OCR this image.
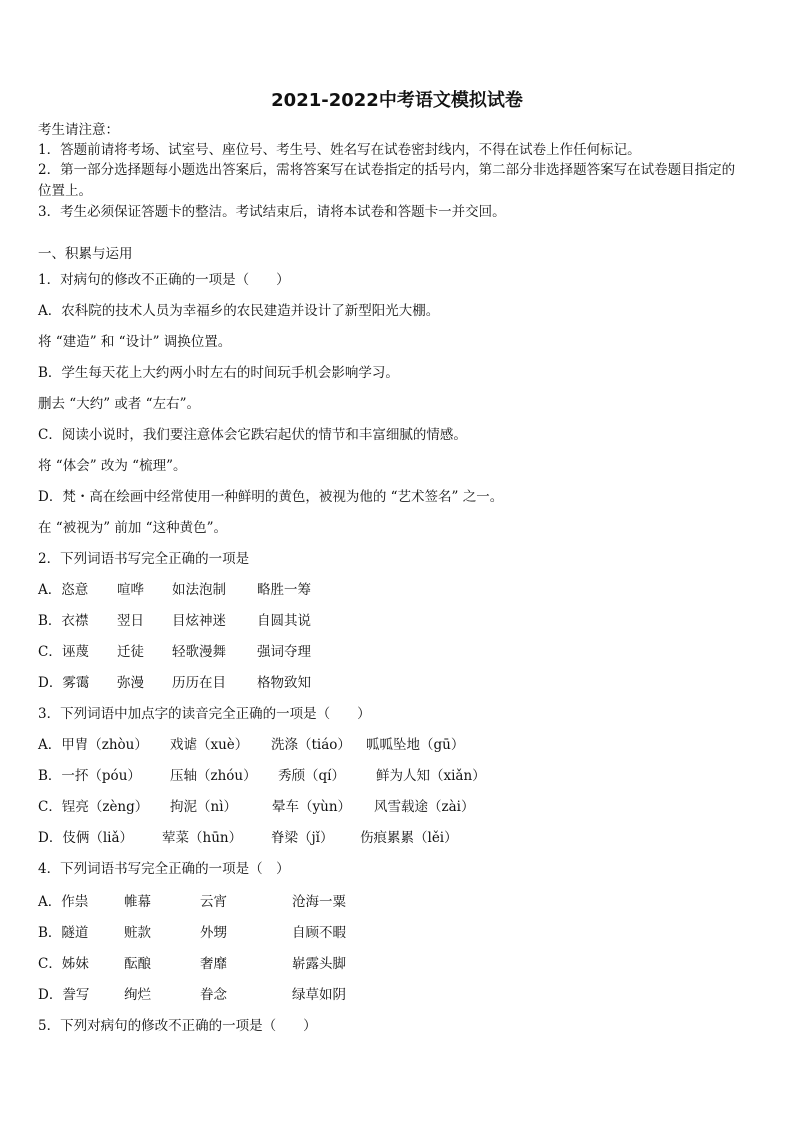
2021-2022中考语文模拟试卷
考生请注意：
1．答题前请将考场、试室号、座位号、考生号、姓名写在试卷密封线内，不得在试卷上作任何标记。
2．第一部分选择题每小题选出答案后，需将答案写在试卷指定的括号内，第二部分非选择题答案写在试卷题目指定的
位置上。
3．考生必须保证答题卡的整洁。考试结束后，请将本试卷和答题卡一并交回。
一、积累与运用
1．对病句的修改不正确的一项是（　　）
A．农科院的技术人员为幸福乡的农民建造并设计了新型阳光大棚。
将 “建造” 和 “设计” 调换位置。
B．学生每天花上大约两小时左右的时间玩手机会影响学习。
删去 “大约” 或者 “左右”。
C．阅读小说时，我们要注意体会它跌宕起伏的情节和丰富细腻的情感。
将 “体会” 改为 “梳理”。
D．梵・高在绘画中经常使用一种鲜明的黄色，被视为他的 “艺术签名” 之一。
在 “被视为” 前加 “这种黄色”。
2．下列词语书写完全正确的一项是
A．恣意 喧哗 如法泡制 略胜一筹
B．衣襟 翌日 目炫神迷 自圆其说
C．诬蔑 迁徒 轻歌漫舞 强词夺理
D．雾霭 弥漫 历历在目 格物致知
3．下列词语中加点字的读音完全正确的一项是（　　）
A．甲胄（zhòu） 戏谑（xuè） 洗涤（tiáo） 呱呱坠地（gū）
B．一抔（póu） 压轴（zhóu） 秀颀（qí） 鲜为人知（xiǎn）
C．锃亮（zèng） 拘泥（nì）	晕车（yùn） 风雪载途（zài）
D．伎俩（liǎ） 荤菜（hūn） 脊梁（jǐ） 伤痕累累（lěi）
4．下列词语书写完全正确的一项是（　）
A．作祟	帷幕	云宵	沧海一粟
B．隧道	赃款	外甥	自顾不暇
C．姊妹	酝酿	奢靡	崭露头脚
D．誊写	绚烂	眷念	绿草如阴
5．下列对病句的修改不正确的一项是（　　）
